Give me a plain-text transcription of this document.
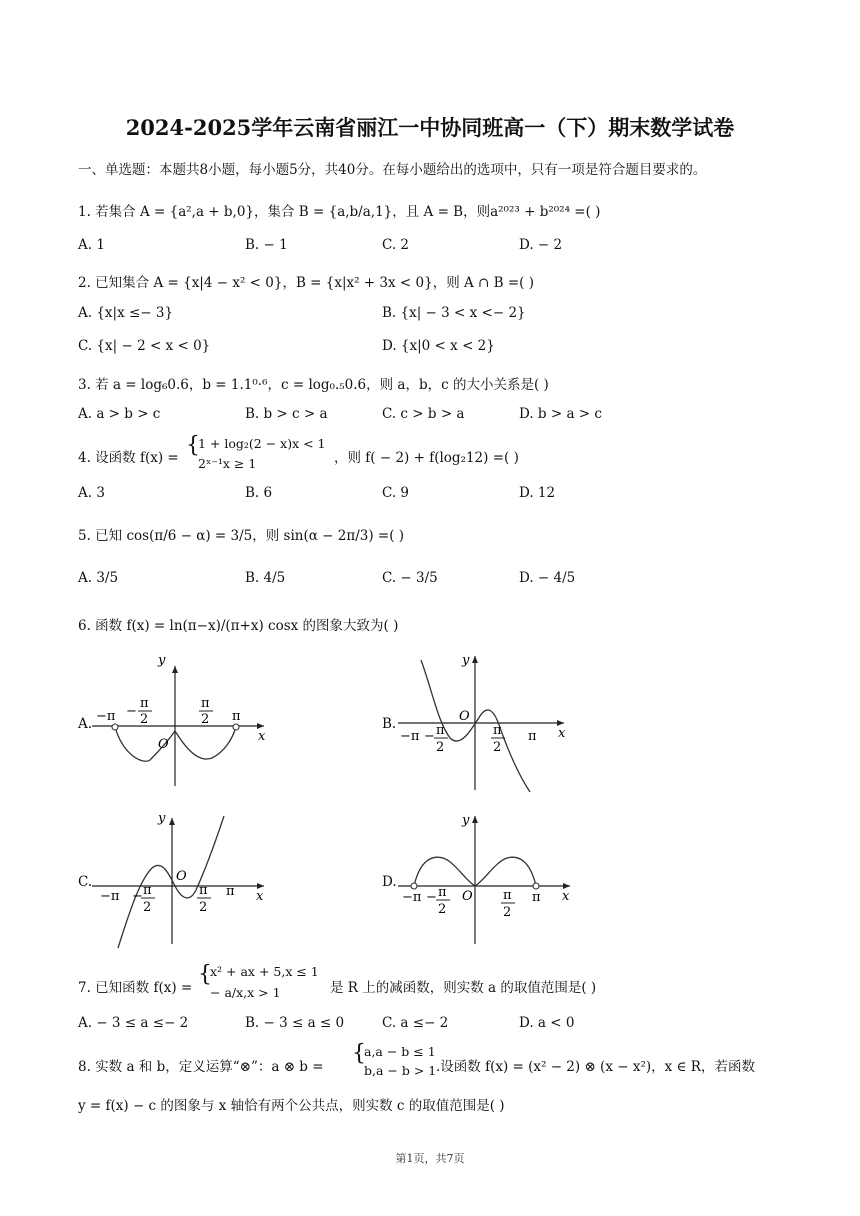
2024-2025学年云南省丽江一中协同班高一（下）期末数学试卷
一、单选题：本题共8小题，每小题5分，共40分。在每小题给出的选项中，只有一项是符合题目要求的。
1. 若集合 A = {a²,a + b,0}，集合 B = {a,b/a,1}，且 A = B，则a²⁰²³ + b²⁰²⁴ =( )
A. 1	B. − 1	C. 2	D. − 2
2. 已知集合 A = {x|4 − x² < 0}，B = {x|x² + 3x < 0}，则 A ∩ B =( )
A. {x|x ≤− 3}	B. {x| − 3 < x <− 2}
C. {x| − 2 < x < 0}	D. {x|0 < x < 2}
3. 若 a = log₆0.6，b = 1.1⁰·⁶，c = log₀.₅0.6，则 a，b，c 的大小关系是( )
A. a > b > c	B. b > c > a	C. c > b > a	D. b > a > c
4. 设函数 f(x) = {
1 + log₂(2 − x)x < 1
2ˣ⁻¹x ≥ 1	，则 f( − 2) + f(log₂12) =( )
A. 3	B. 6	C. 9	D. 12
5. 已知 cos(π/6 − α) = 3/5，则 sin(α − 2π/3) =( )
A. 3/5	B. 4/5	C. − 3/5	D. − 4/5
6. 函数 f(x) = ln(π−x)/(π+x) cosx 的图象大致为( )
A.	B.
C.	D.
y
x
O
−π −
π
2
π
2 π
y
x
O
−π − π
2
π
2
π
y
x
O
−π − π
2
π
2
π
y
x
O
−π − π
2
π
2
π
7. 已知函数 f(x) =
{
x² + ax + 5,x ≤ 1
− a/x,x > 1	是 R 上的减函数，则实数 a 的取值范围是( )
A. − 3 ≤ a ≤− 2	B. − 3 ≤ a ≤ 0	C. a ≤− 2	D. a < 0
8. 实数 a 和 b，定义运算“⊗”：a ⊗ b =
{
a,a − b ≤ 1
b,a − b > 1 .设函数 f(x) = (x² − 2) ⊗ (x − x²)，x ∈ R，若函数
y = f(x) − c 的图象与 x 轴恰有两个公共点，则实数 c 的取值范围是( )
第1页，共7页
